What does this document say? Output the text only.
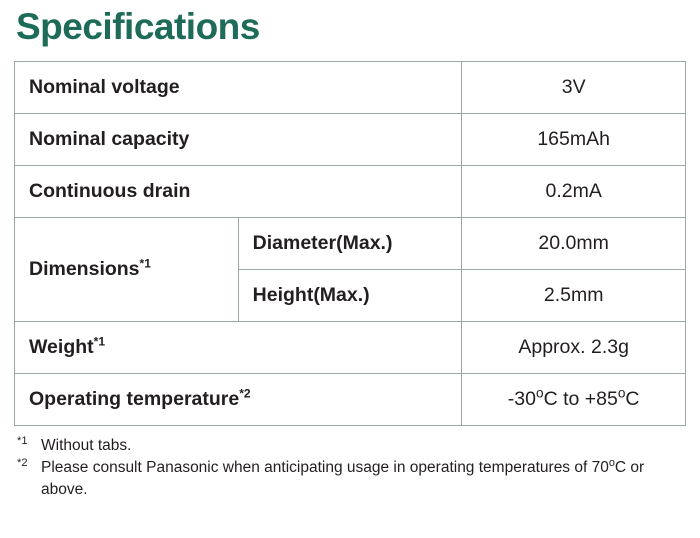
Specifications
Nominal voltage		3V
Nominal capacity		165mAh
Continuous drain		0.2mA
Dimensions$^{*1}$	Diameter(Max.)	20.0mm
	Height(Max.)	2.5mm
Weight$^{*1}$		Approx. 2.3g
Operating temperature$^{*2}$		-30$^o$C to $+85^oC$
$^{*1}$ Without tabs.
$^{*2}$ Please consult Panasonic when anticipating usage in operating temperatures of 70$^o$C or above.
